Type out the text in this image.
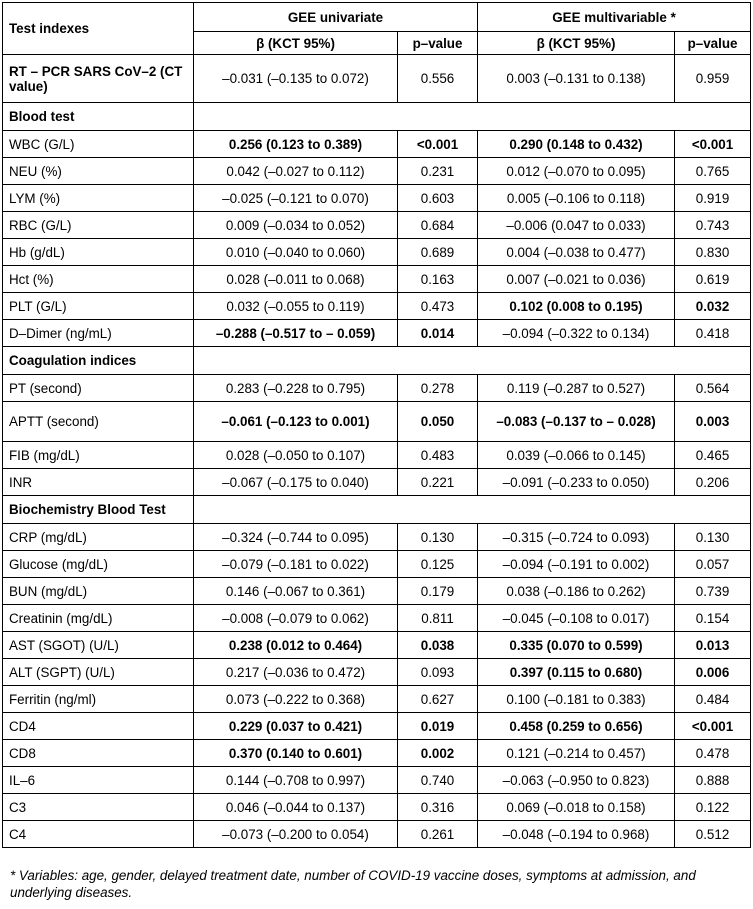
Test indexes	GEE univariate		GEE multivariable *	
	β (KCT 95%)	p–value	β (KCT 95%)	p–value
RT – PCR SARS CoV–2 (CT value)	–0.031 (–0.135 to 0.072)	0.556	0.003 (–0.131 to 0.138)	0.959
Blood test				
WBC (G/L)	0.256 (0.123 to 0.389)	<0.001	0.290 (0.148 to 0.432)	<0.001
NEU (%)	0.042 (–0.027 to 0.112)	0.231	0.012 (–0.070 to 0.095)	0.765
LYM (%)	–0.025 (–0.121 to 0.070)	0.603	0.005 (–0.106 to 0.118)	0.919
RBC (G/L)	0.009 (–0.034 to 0.052)	0.684	–0.006 (0.047 to 0.033)	0.743
Hb (g/dL)	0.010 (–0.040 to 0.060)	0.689	0.004 (–0.038 to 0.477)	0.830
Hct (%)	0.028 (–0.011 to 0.068)	0.163	0.007 (–0.021 to 0.036)	0.619
PLT (G/L)	0.032 (–0.055 to 0.119)	0.473	0.102 (0.008 to 0.195)	0.032
D–Dimer (ng/mL)	–0.288 (–0.517 to – 0.059)	0.014	–0.094 (–0.322 to 0.134)	0.418
Coagulation indices				
PT (second)	0.283 (–0.228 to 0.795)	0.278	0.119 (–0.287 to 0.527)	0.564
APTT (second)	–0.061 (–0.123 to 0.001)	0.050	–0.083 (–0.137 to – 0.028)	0.003
FIB (mg/dL)	0.028 (–0.050 to 0.107)	0.483	0.039 (–0.066 to 0.145)	0.465
INR	–0.067 (–0.175 to 0.040)	0.221	–0.091 (–0.233 to 0.050)	0.206
Biochemistry Blood Test				
CRP (mg/dL)	–0.324 (–0.744 to 0.095)	0.130	–0.315 (–0.724 to 0.093)	0.130
Glucose (mg/dL)	–0.079 (–0.181 to 0.022)	0.125	–0.094 (–0.191 to 0.002)	0.057
BUN (mg/dL)	0.146 (–0.067 to 0.361)	0.179	0.038 (–0.186 to 0.262)	0.739
Creatinin (mg/dL)	–0.008 (–0.079 to 0.062)	0.811	–0.045 (–0.108 to 0.017)	0.154
AST (SGOT) (U/L)	0.238 (0.012 to 0.464)	0.038	0.335 (0.070 to 0.599)	0.013
ALT (SGPT) (U/L)	0.217 (–0.036 to 0.472)	0.093	0.397 (0.115 to 0.680)	0.006
Ferritin (ng/ml)	0.073 (–0.222 to 0.368)	0.627	0.100 (–0.181 to 0.383)	0.484
CD4	0.229 (0.037 to 0.421)	0.019	0.458 (0.259 to 0.656)	<0.001
CD8	0.370 (0.140 to 0.601)	0.002	0.121 (–0.214 to 0.457)	0.478
IL–6	0.144 (–0.708 to 0.997)	0.740	–0.063 (–0.950 to 0.823)	0.888
C3	0.046 (–0.044 to 0.137)	0.316	0.069 (–0.018 to 0.158)	0.122
C4	–0.073 (–0.200 to 0.054)	0.261	–0.048 (–0.194 to 0.968)	0.512
* Variables: age, gender, delayed treatment date, number of COVID-19 vaccine doses, symptoms at admission, and underlying diseases.
